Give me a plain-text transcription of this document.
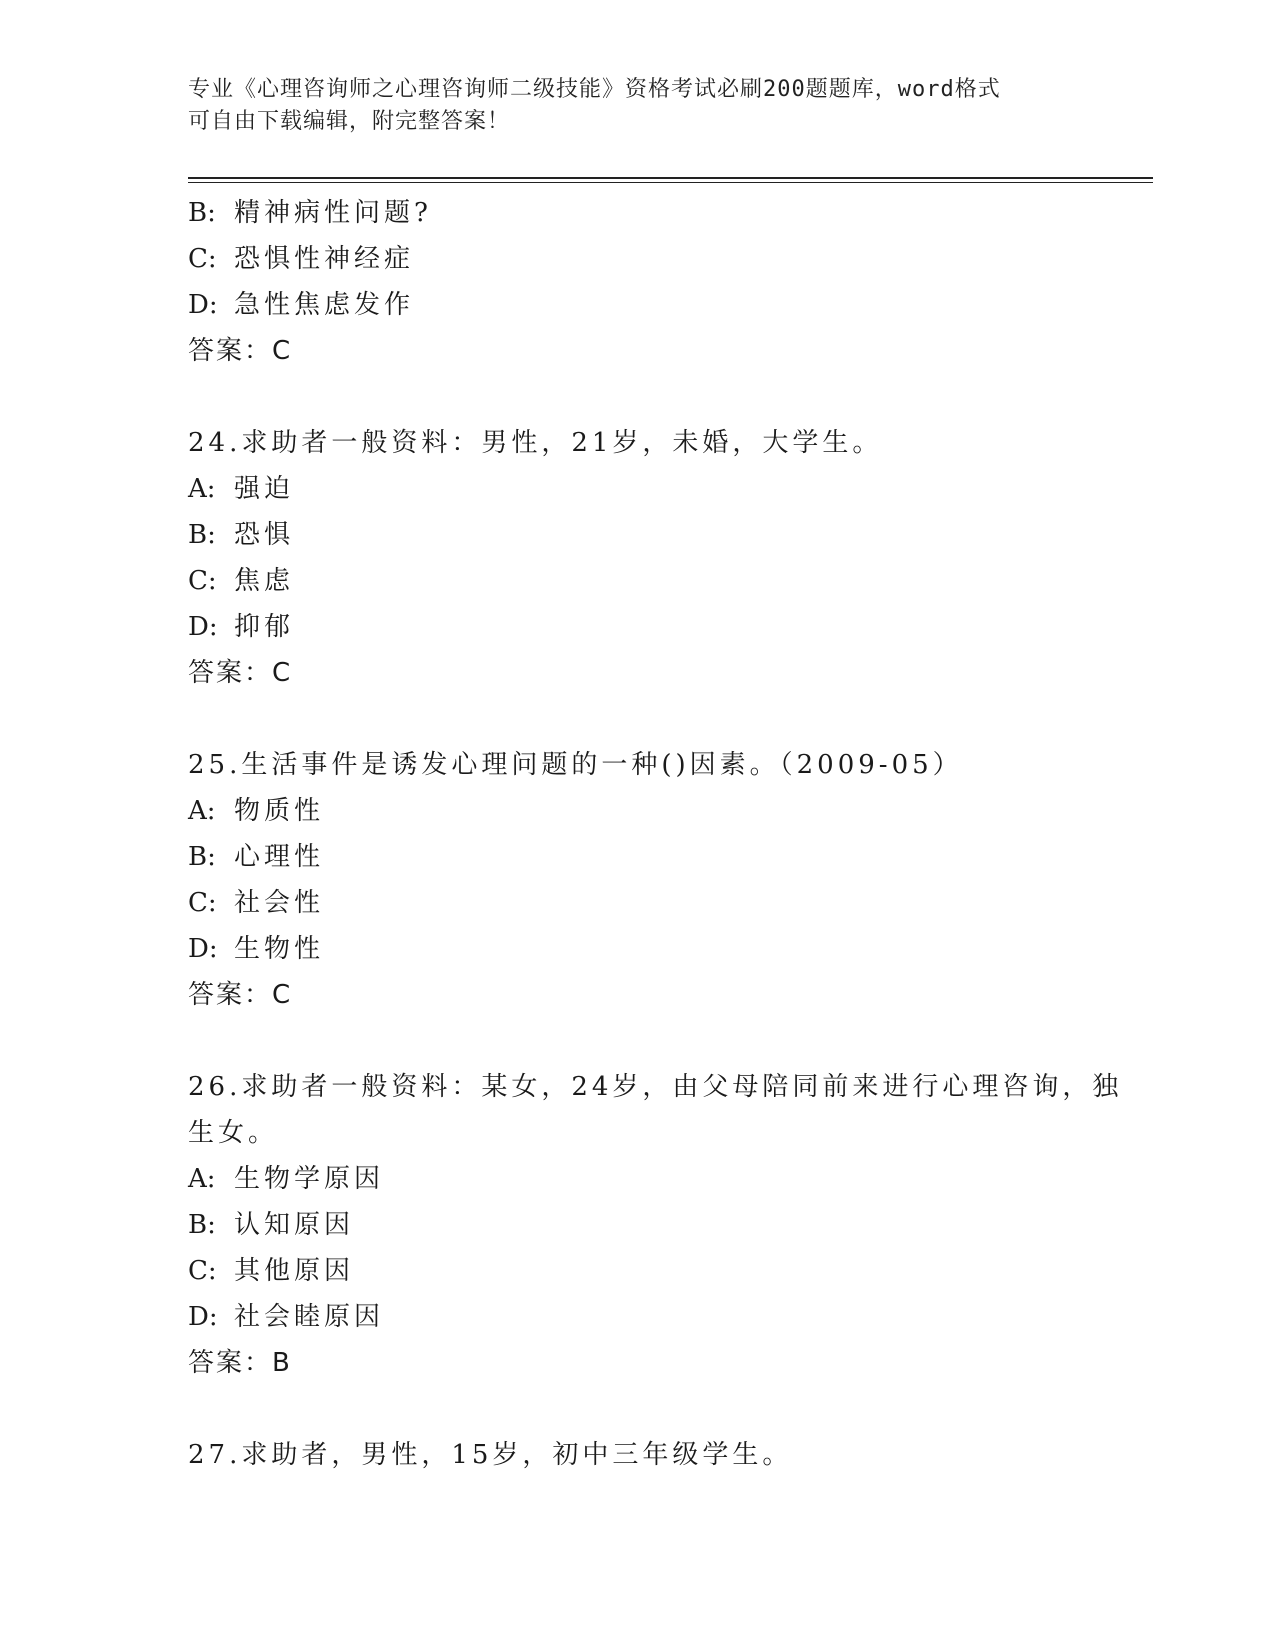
专业《心理咨询师之心理咨询师二级技能》资格考试必刷200题题库，word格式
可自由下载编辑，附完整答案！
B: 精神病性问题?
C: 恐惧性神经症
D: 急性焦虑发作
答案：C
24.求助者一般资料：男性，21岁，未婚，大学生。
A: 强迫
B: 恐惧
C: 焦虑
D: 抑郁
答案：C
25.生活事件是诱发心理问题的一种()因素。（2009-05）
A: 物质性
B: 心理性
C: 社会性
D: 生物性
答案：C
26.求助者一般资料：某女，24岁，由父母陪同前来进行心理咨询，独
生女。
A: 生物学原因
B: 认知原因
C: 其他原因
D: 社会睦原因
答案：B
27.求助者，男性，15岁，初中三年级学生。
